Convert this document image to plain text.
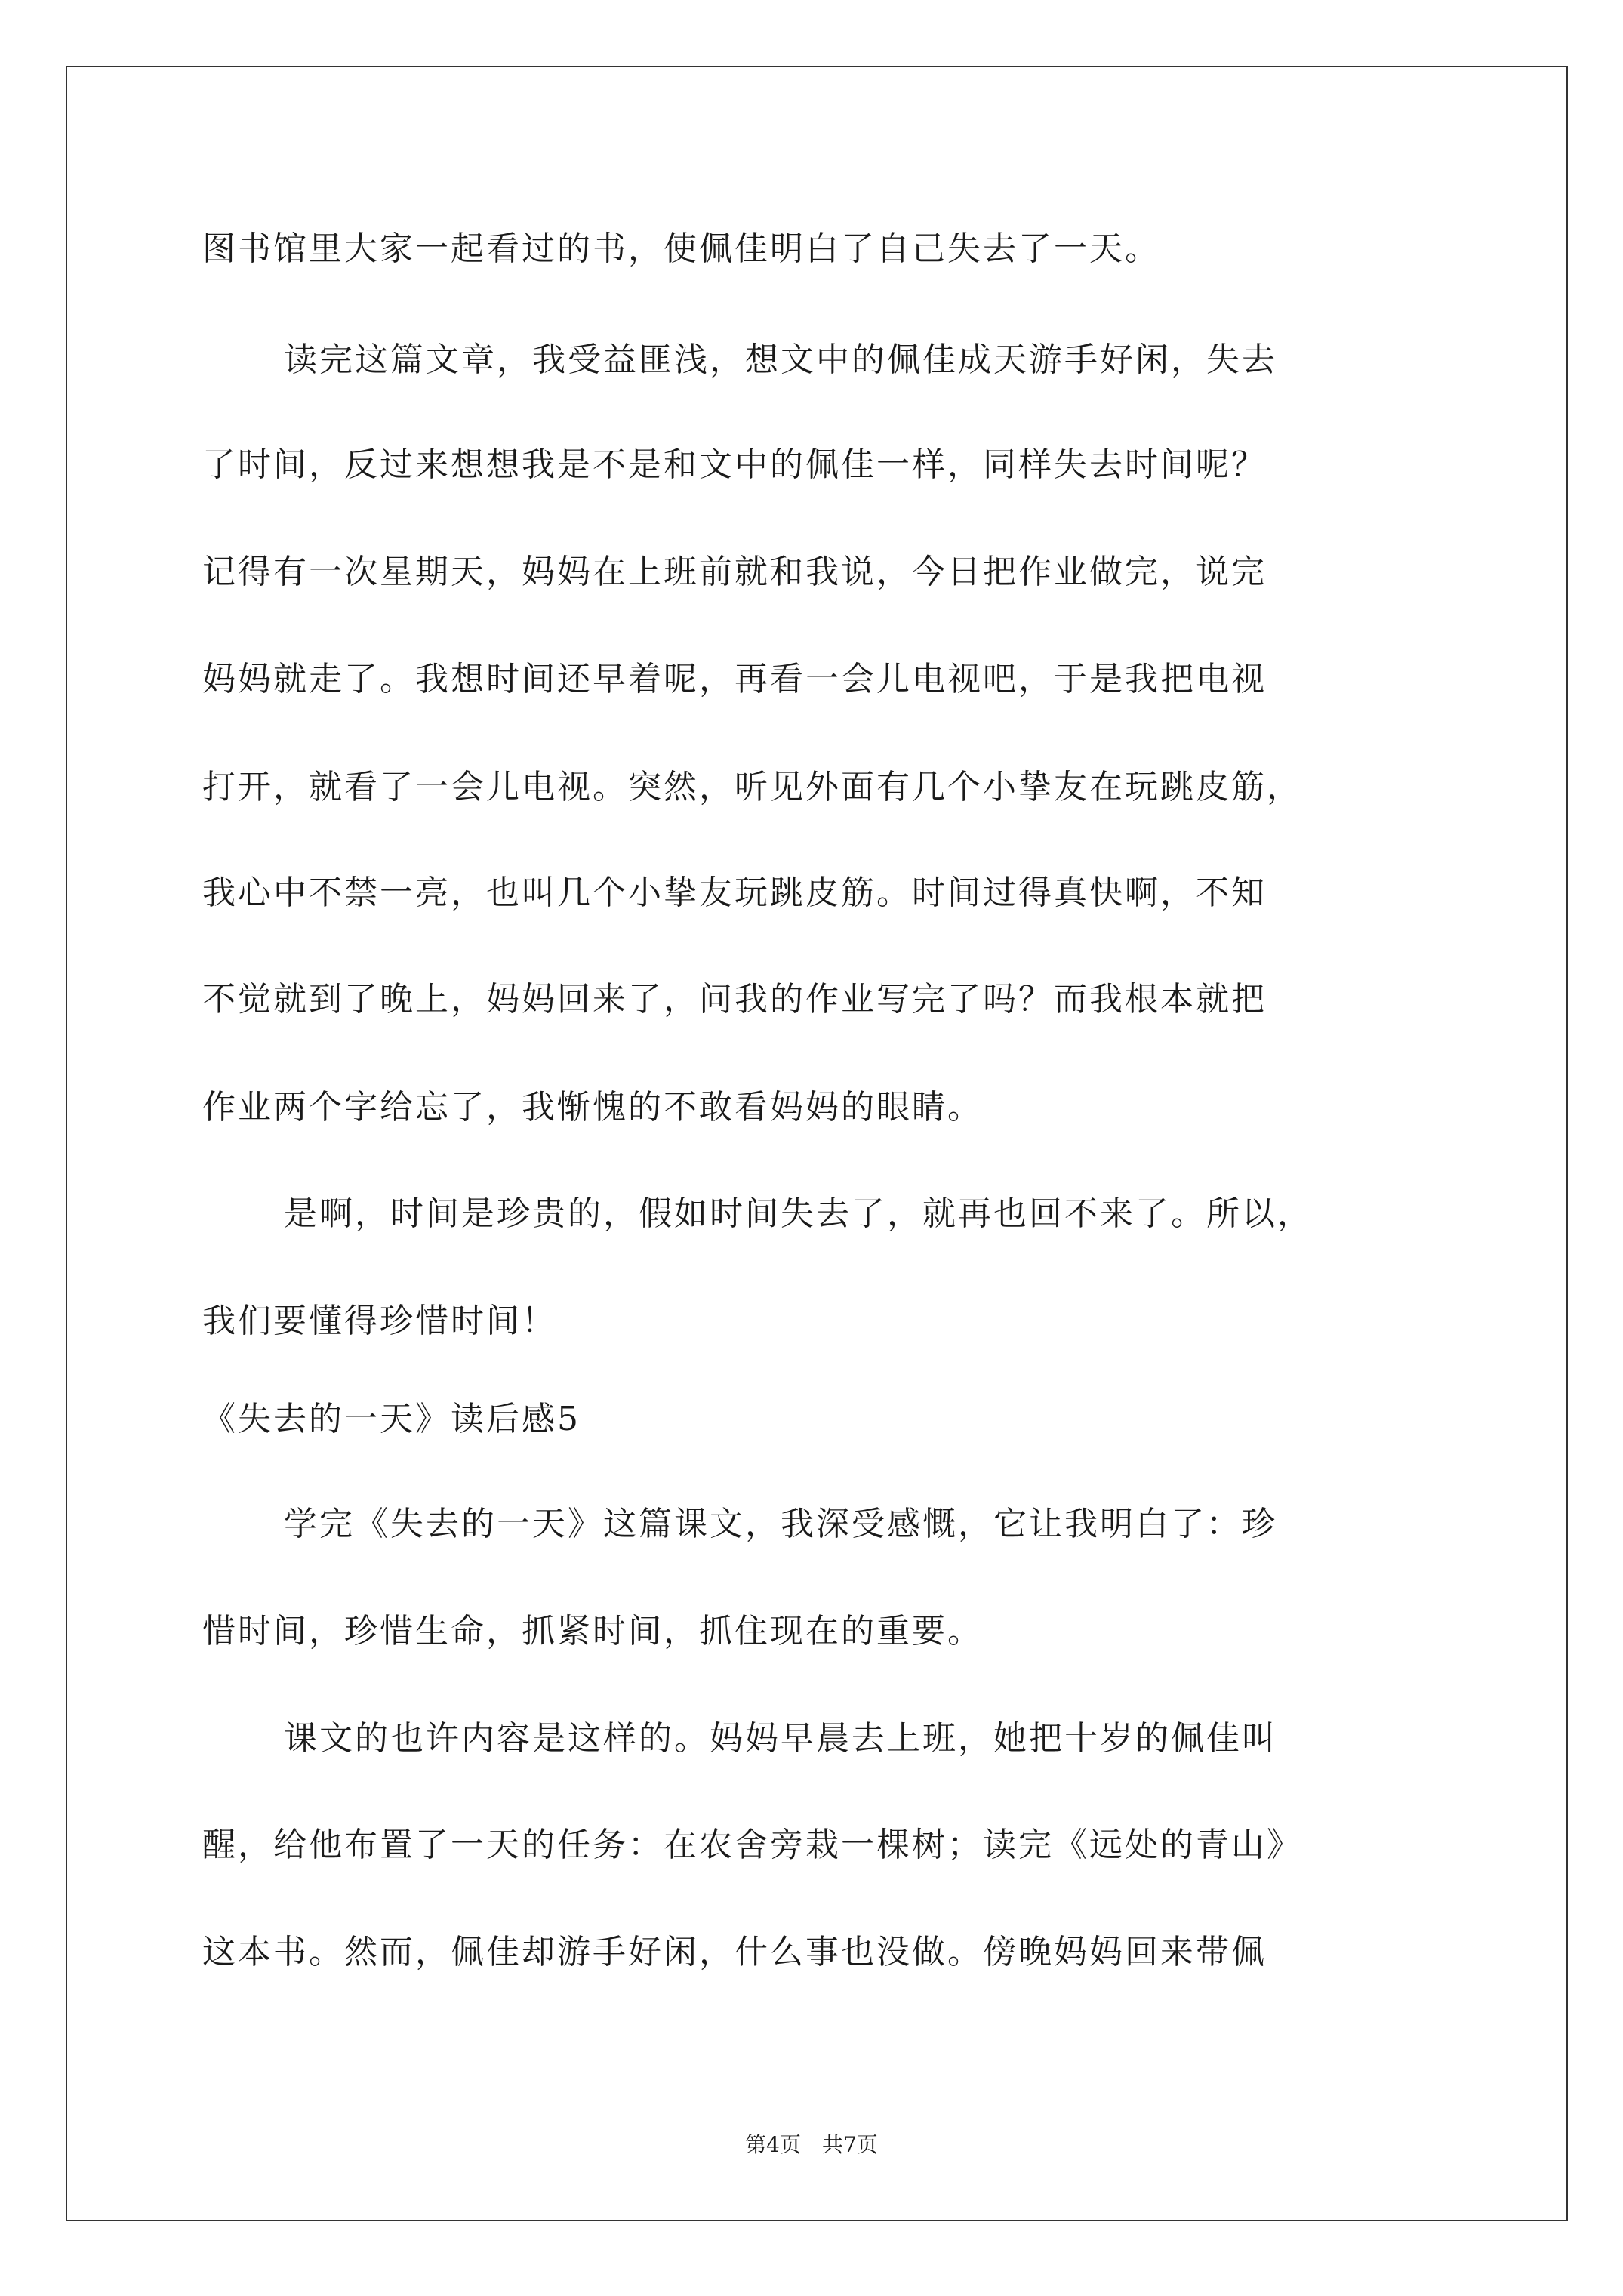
图书馆里大家一起看过的书，使佩佳明白了自己失去了一天。
读完这篇文章，我受益匪浅，想文中的佩佳成天游手好闲，失去
了时间，反过来想想我是不是和文中的佩佳一样，同样失去时间呢？
记得有一次星期天，妈妈在上班前就和我说，今日把作业做完，说完
妈妈就走了。我想时间还早着呢，再看一会儿电视吧，于是我把电视
打开，就看了一会儿电视。突然，听见外面有几个小挚友在玩跳皮筋，
我心中不禁一亮，也叫几个小挚友玩跳皮筋。时间过得真快啊，不知
不觉就到了晚上，妈妈回来了，问我的作业写完了吗？而我根本就把
作业两个字给忘了，我惭愧的不敢看妈妈的眼睛。
是啊，时间是珍贵的，假如时间失去了，就再也回不来了。所以，
我们要懂得珍惜时间！
《失去的一天》读后感5
学完《失去的一天》这篇课文，我深受感慨，它让我明白了：珍
惜时间，珍惜生命，抓紧时间，抓住现在的重要。
课文的也许内容是这样的。妈妈早晨去上班，她把十岁的佩佳叫
醒，给他布置了一天的任务：在农舍旁栽一棵树；读完《远处的青山》
这本书。然而，佩佳却游手好闲，什么事也没做。傍晚妈妈回来带佩
第4页　共7页
